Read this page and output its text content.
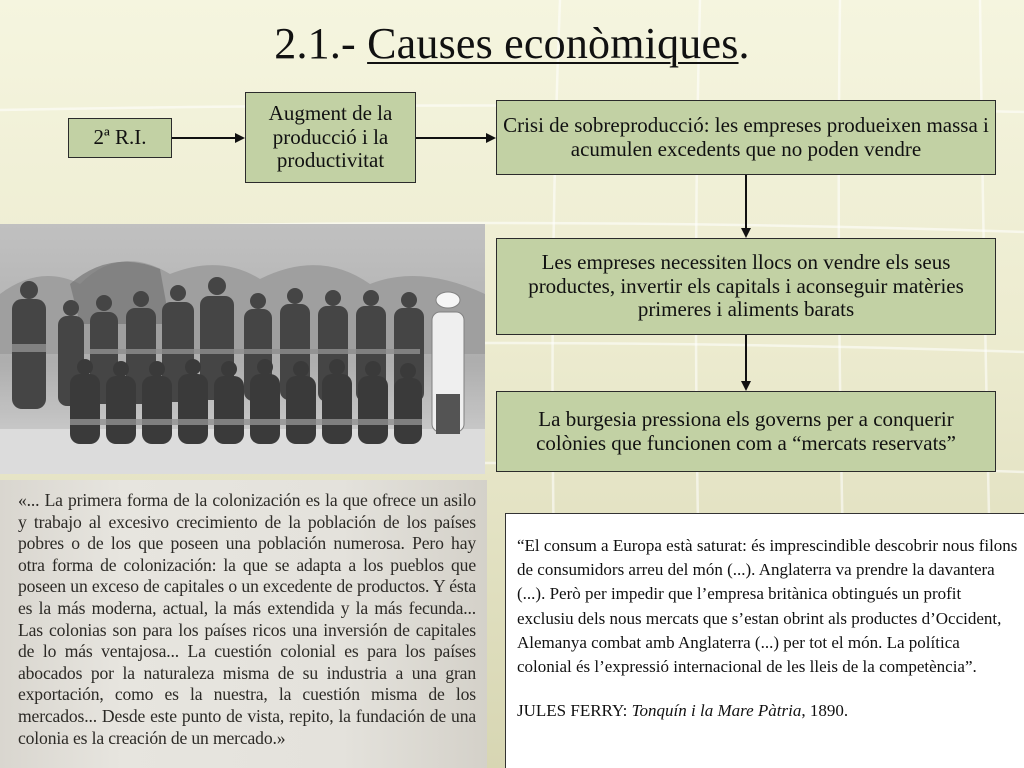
2.1.- Causes econòmiques.
2ª R.I.
Augment de la producció i la productivitat
Crisi de sobreproducció: les empreses produeixen massa i acumulen excedents que no poden vendre
Les empreses necessiten llocs on vendre els seus productes, invertir els capitals i aconseguir matèries primeres i aliments barats
La burgesia pressiona els governs per a conquerir colònies que funcionen com a “mercats reservats”
«... La primera forma de la colonización es la que ofrece un asilo y trabajo al excesivo crecimiento de la población de los países pobres o de los que poseen una población numerosa. Pero hay otra forma de colonización: la que se adapta a los pueblos que poseen un exceso de capitales o un excedente de productos. Y ésta es la más moderna, actual, la más extendida y la más fecunda... Las colonias son para los países ricos una inversión de capitales de lo más ventajosa... La cuestión colonial es para los países abocados por la naturaleza misma de su industria a una gran exportación, como es la nuestra, la cuestión misma de los mercados... Desde este punto de vista, repito, la fundación de una colonia es la creación de un mercado.»
“El consum a Europa està saturat: és imprescindible descobrir nous filons de consumidors arreu del món (...). Anglaterra va prendre la davantera (...). Però per impedir que l’empresa britànica obtingués un profit exclusiu dels nous mercats que s’estan obrint als productes d’Occident, Alemanya combat amb Anglaterra (...) per tot el món. La política colonial és l’expressió internacional de les lleis de la competència”.
JULES FERRY: Tonquín i la Mare Pàtria, 1890.
